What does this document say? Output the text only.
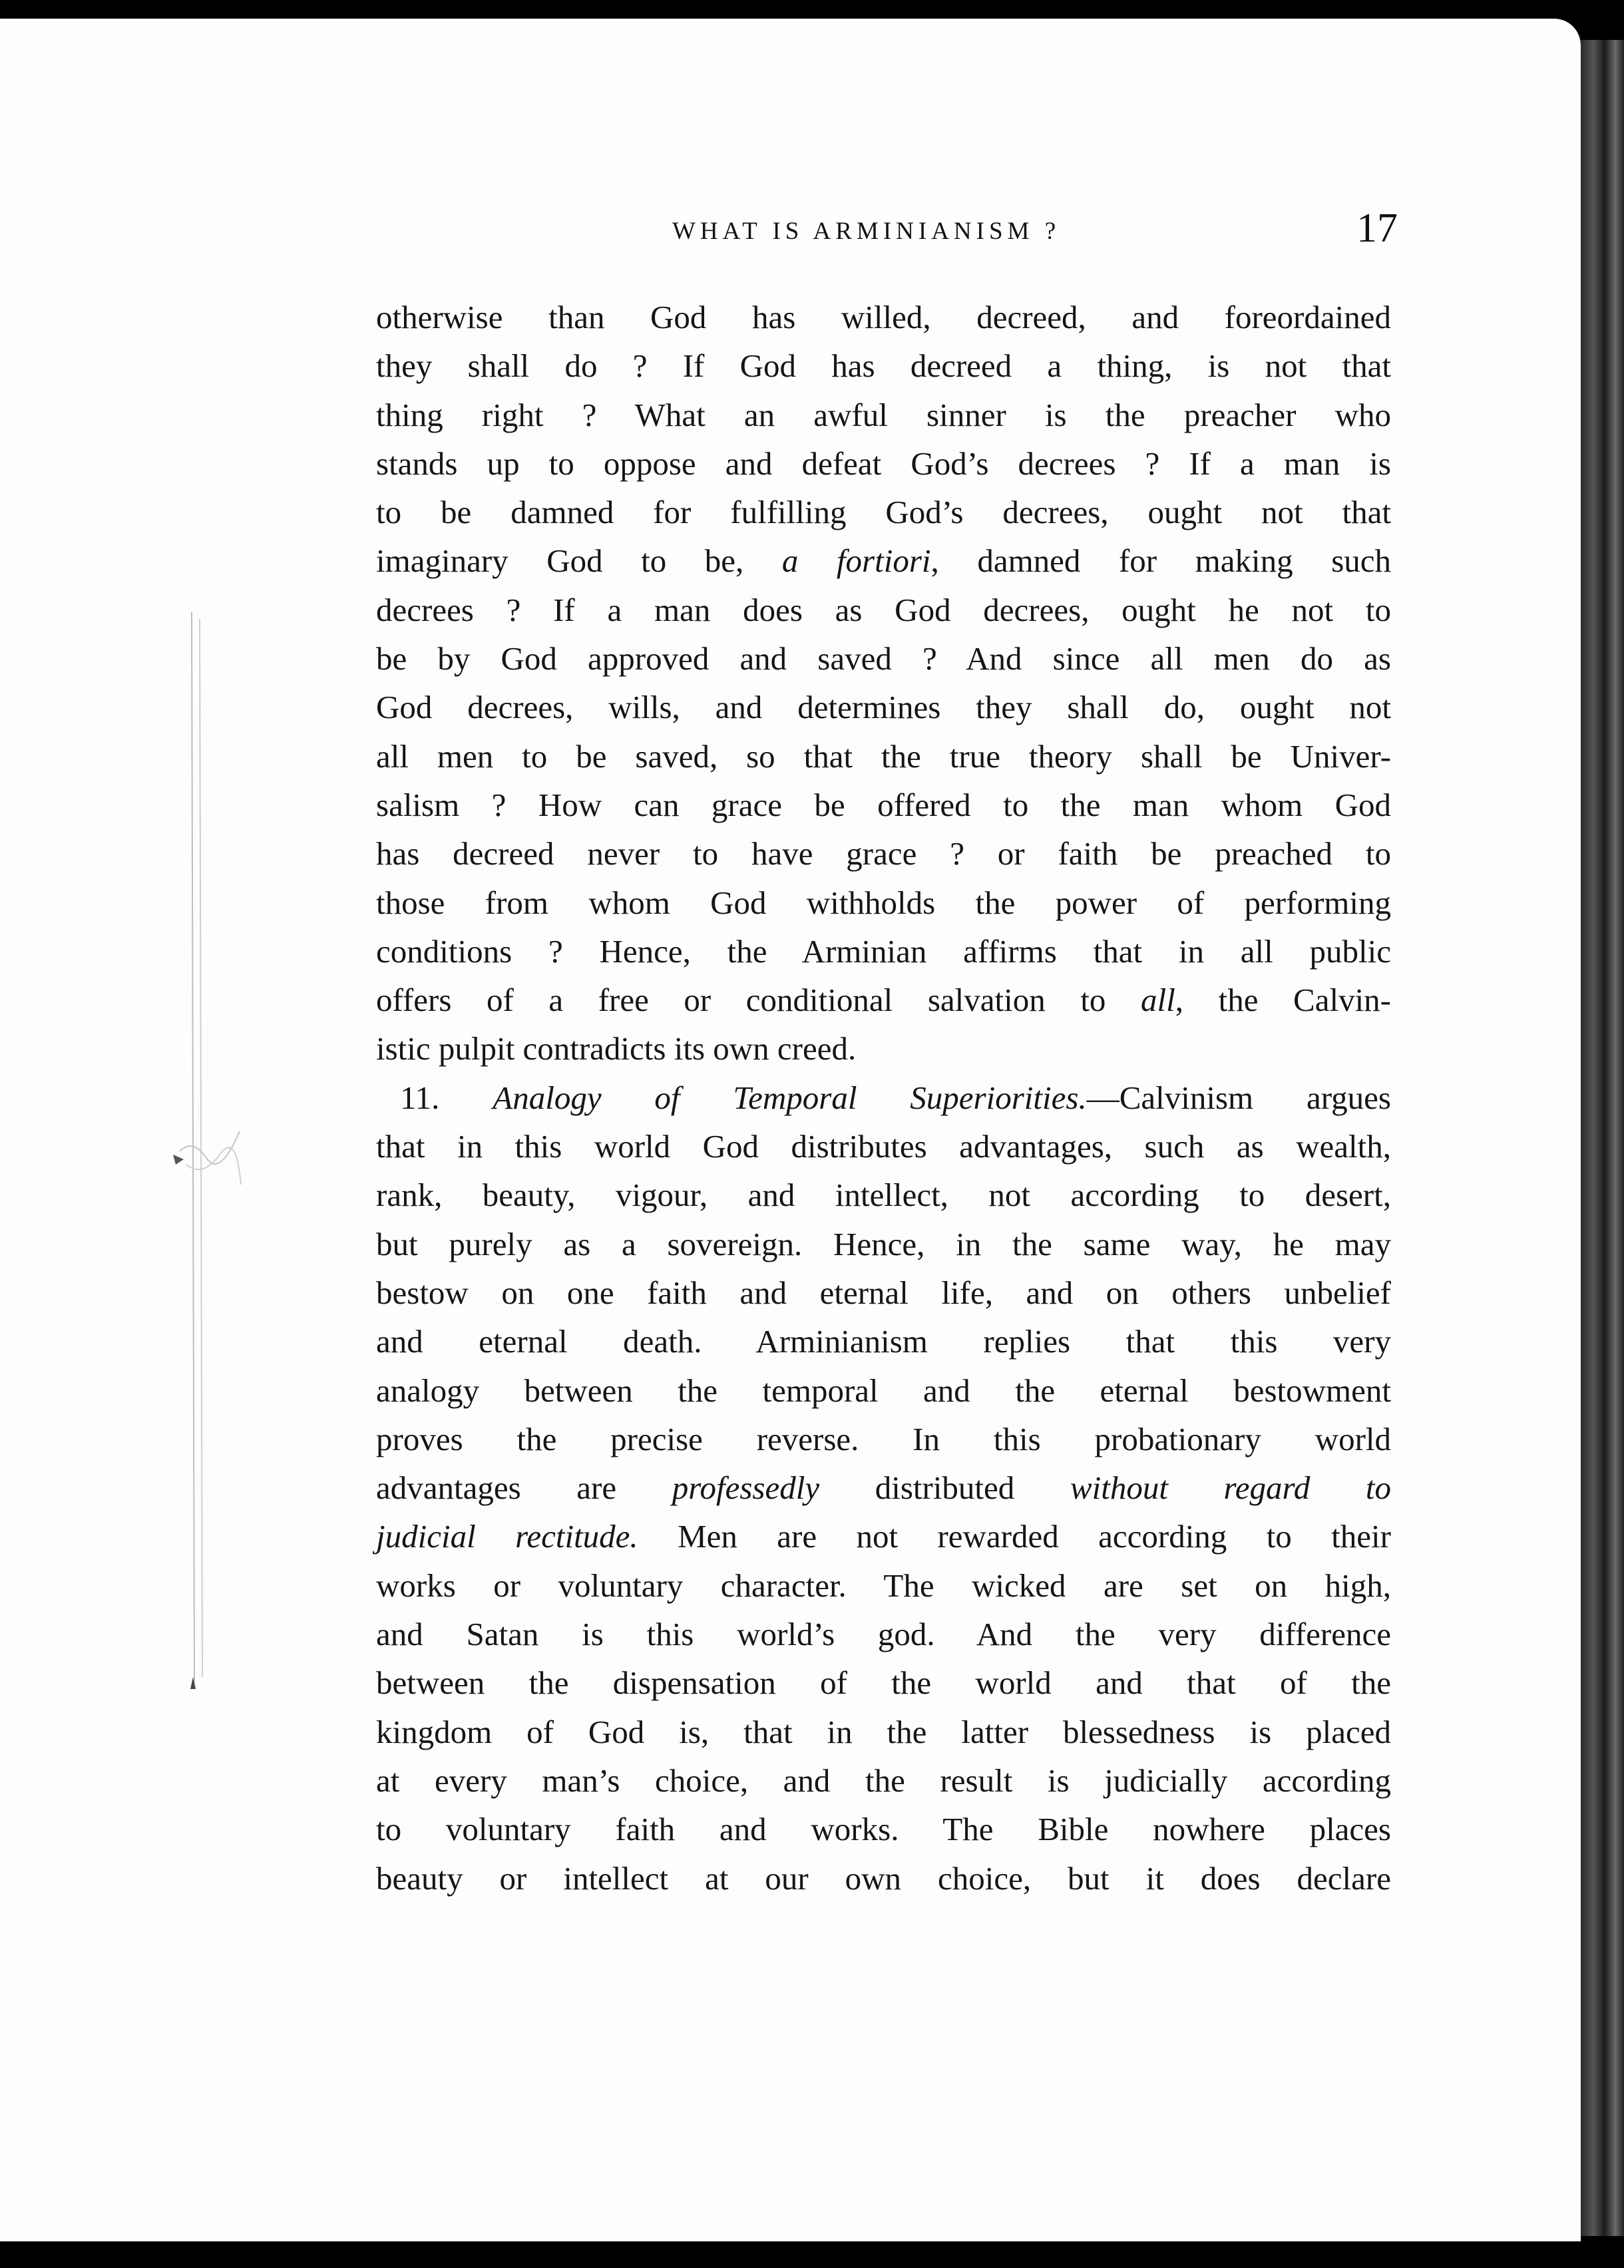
WHAT IS ARMINIANISM ?	17
otherwise than God has willed, decreed, and foreordained
they shall do ? If God has decreed a thing, is not that
thing right ? What an awful sinner is the preacher who
stands up to oppose and defeat God’s decrees ? If a man is
to be damned for fulfilling God’s decrees, ought not that
imaginary God to be, a fortiori, damned for making such
decrees ? If a man does as God decrees, ought he not to
be by God approved and saved ? And since all men do as
God decrees, wills, and determines they shall do, ought not
all men to be saved, so that the true theory shall be Univer-
salism ? How can grace be offered to the man whom God
has decreed never to have grace ? or faith be preached to
those from whom God withholds the power of performing
conditions ? Hence, the Arminian affirms that in all public
offers of a free or conditional salvation to all, the Calvin-
istic pulpit contradicts its own creed.
11. Analogy of Temporal Superiorities.—Calvinism argues
that in this world God distributes advantages, such as wealth,
rank, beauty, vigour, and intellect, not according to desert,
but purely as a sovereign. Hence, in the same way, he may
bestow on one faith and eternal life, and on others unbelief
and eternal death. Arminianism replies that this very
analogy between the temporal and the eternal bestowment
proves the precise reverse. In this probationary world
advantages are professedly distributed without regard to
judicial rectitude. Men are not rewarded according to their
works or voluntary character. The wicked are set on high,
and Satan is this world’s god. And the very difference
between the dispensation of the world and that of the
kingdom of God is, that in the latter blessedness is placed
at every man’s choice, and the result is judicially according
to voluntary faith and works. The Bible nowhere places
beauty or intellect at our own choice, but it does declare
